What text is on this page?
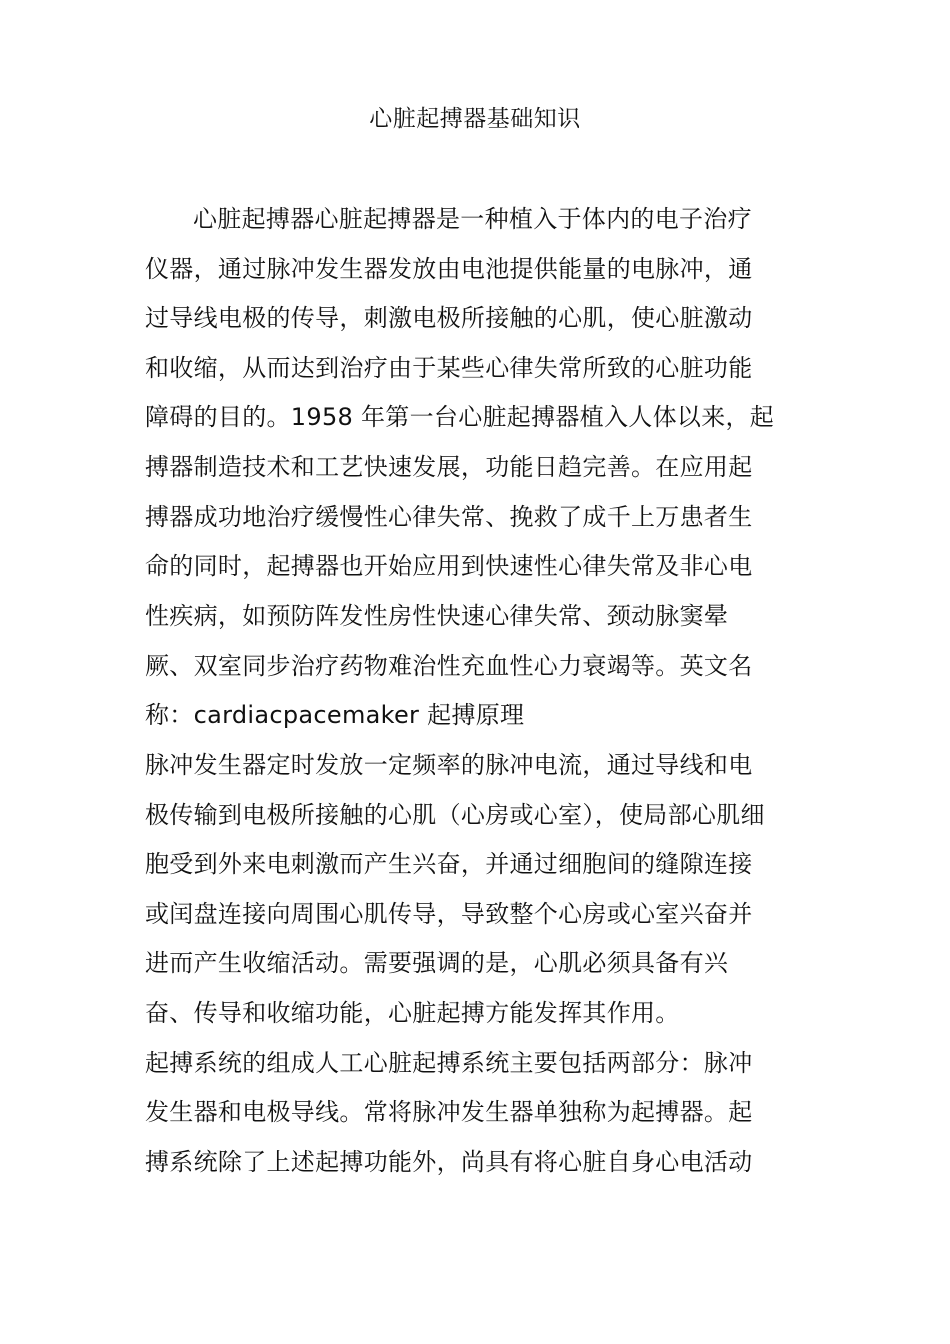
心脏起搏器基础知识
心脏起搏器心脏起搏器是一种植入于体内的电子治疗
仪器，通过脉冲发生器发放由电池提供能量的电脉冲，通
过导线电极的传导，刺激电极所接触的心肌，使心脏激动
和收缩，从而达到治疗由于某些心律失常所致的心脏功能
障碍的目的。1958 年第一台心脏起搏器植入人体以来，起
搏器制造技术和工艺快速发展，功能日趋完善。在应用起
搏器成功地治疗缓慢性心律失常、挽救了成千上万患者生
命的同时，起搏器也开始应用到快速性心律失常及非心电
性疾病，如预防阵发性房性快速心律失常、颈动脉窦晕
厥、双室同步治疗药物难治性充血性心力衰竭等。英文名
称：cardiacpacemaker 起搏原理
脉冲发生器定时发放一定频率的脉冲电流，通过导线和电
极传输到电极所接触的心肌（心房或心室），使局部心肌细
胞受到外来电刺激而产生兴奋，并通过细胞间的缝隙连接
或闰盘连接向周围心肌传导，导致整个心房或心室兴奋并
进而产生收缩活动。需要强调的是，心肌必须具备有兴
奋、传导和收缩功能，心脏起搏方能发挥其作用。
起搏系统的组成人工心脏起搏系统主要包括两部分：脉冲
发生器和电极导线。常将脉冲发生器单独称为起搏器。起
搏系统除了上述起搏功能外，尚具有将心脏自身心电活动
